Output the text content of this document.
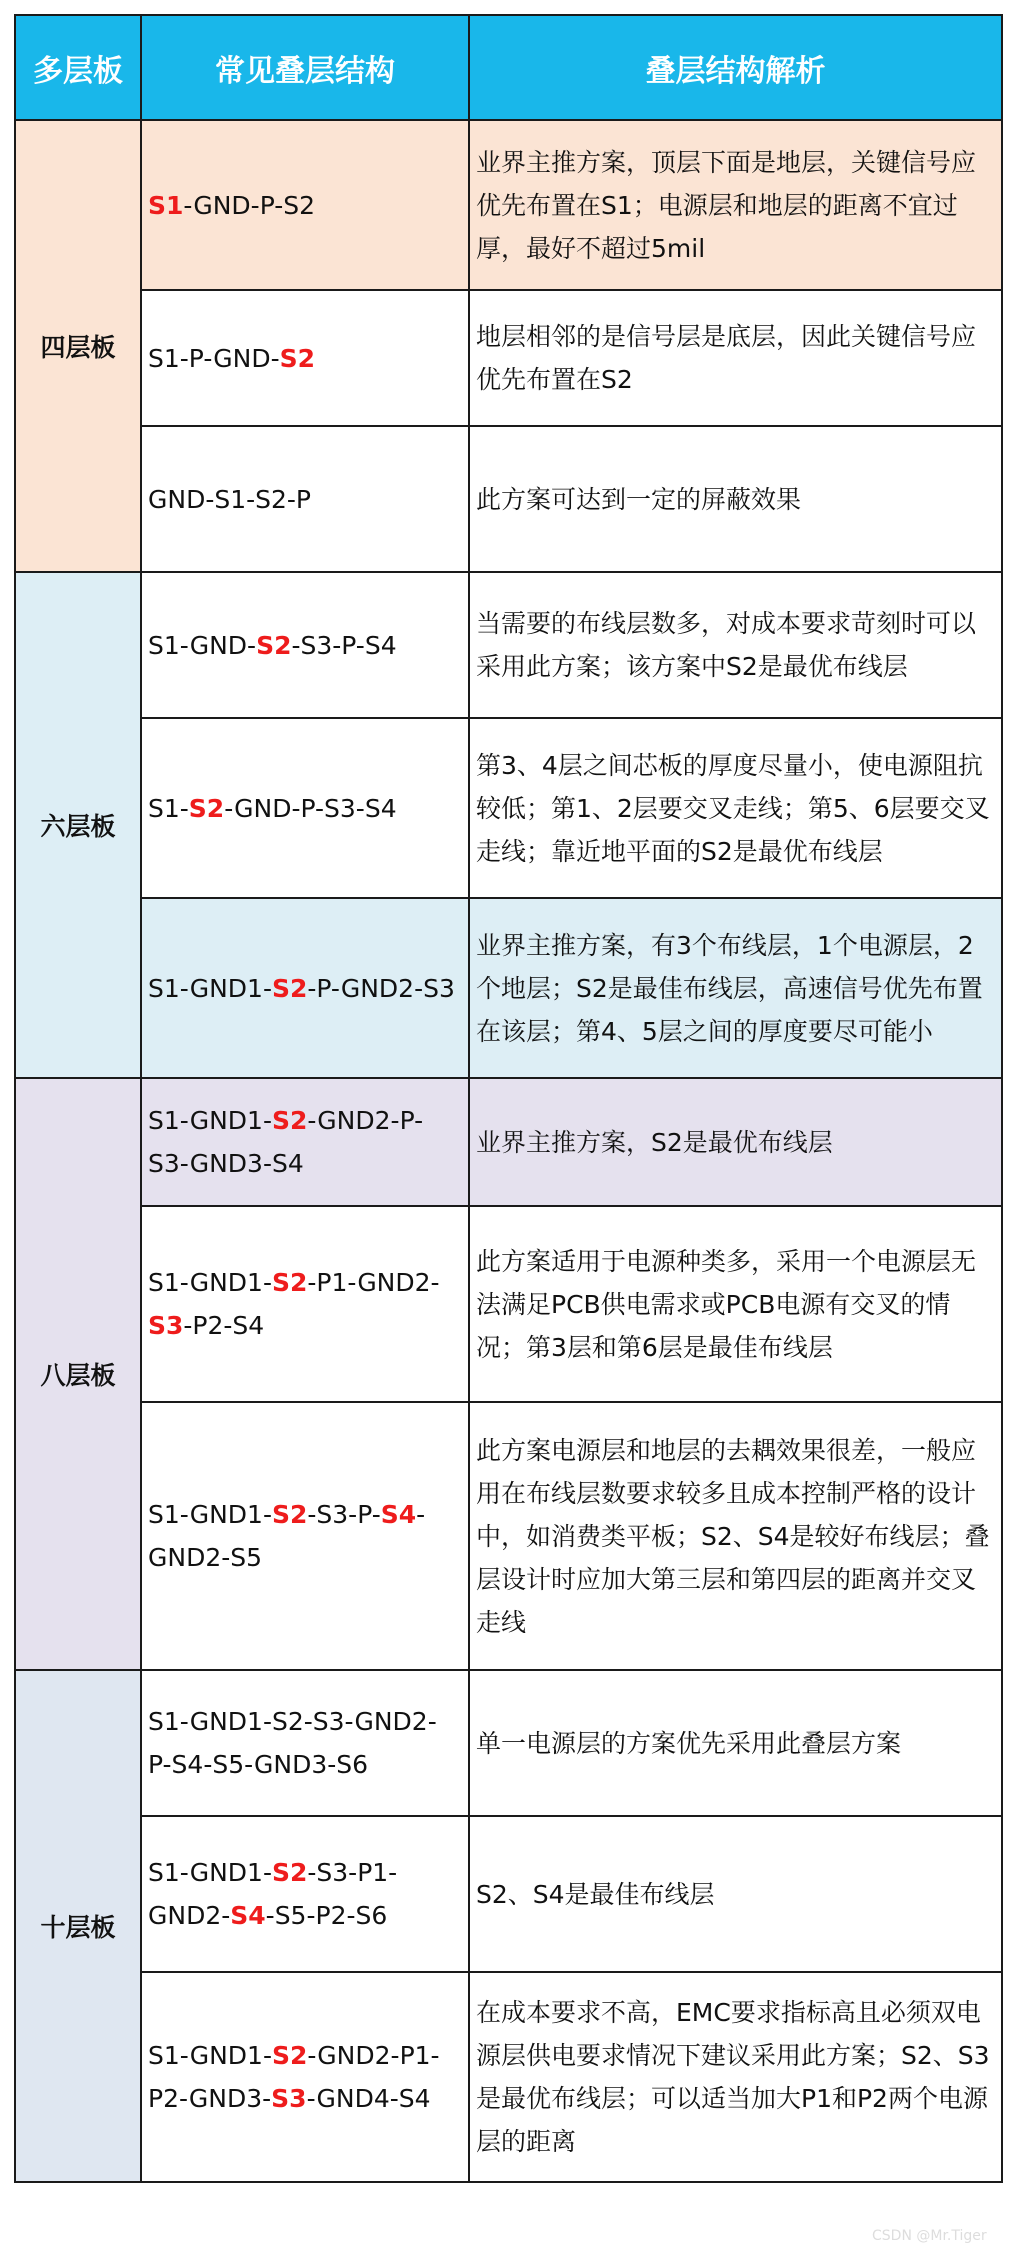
多层板	常见叠层结构	叠层结构解析
四层板	S1-GND-P-S2	业界主推方案，顶层下面是地层，关键信号应优先布置在S1；电源层和地层的距离不宜过厚，最好不超过5mil
	S1-P-GND-S2	地层相邻的是信号层是底层，因此关键信号应优先布置在S2
	GND-S1-S2-P	此方案可达到一定的屏蔽效果
六层板	S1-GND-S2-S3-P-S4	当需要的布线层数多，对成本要求苛刻时可以采用此方案；该方案中S2是最优布线层
	S1-S2-GND-P-S3-S4	第3、4层之间芯板的厚度尽量小，使电源阻抗较低；第1、2层要交叉走线；第5、6层要交叉走线；靠近地平面的S2是最优布线层
	S1-GND1-S2-P-GND2-S3	业界主推方案，有3个布线层，1个电源层，2个地层；S2是最佳布线层，高速信号优先布置在该层；第4、5层之间的厚度要尽可能小
八层板	S1-GND1-S2-GND2-P-S3-GND3-S4	业界主推方案，S2是最优布线层
	S1-GND1-S2-P1-GND2-S3-P2-S4	此方案适用于电源种类多，采用一个电源层无法满足PCB供电需求或PCB电源有交叉的情况；第3层和第6层是最佳布线层
	S1-GND1-S2-S3-P-S4-GND2-S5	此方案电源层和地层的去耦效果很差，一般应用在布线层数要求较多且成本控制严格的设计中，如消费类平板；S2、S4是较好布线层；叠层设计时应加大第三层和第四层的距离并交叉走线
十层板	S1-GND1-S2-S3-GND2-P-S4-S5-GND3-S6	单一电源层的方案优先采用此叠层方案
	S1-GND1-S2-S3-P1-GND2-S4-S5-P2-S6	S2、S4是最佳布线层
	S1-GND1-S2-GND2-P1-P2-GND3-S3-GND4-S4	在成本要求不高，EMC要求指标高且必须双电源层供电要求情况下建议采用此方案；S2、S3是最优布线层；可以适当加大P1和P2两个电源层的距离
CSDN @Mr.Tiger
